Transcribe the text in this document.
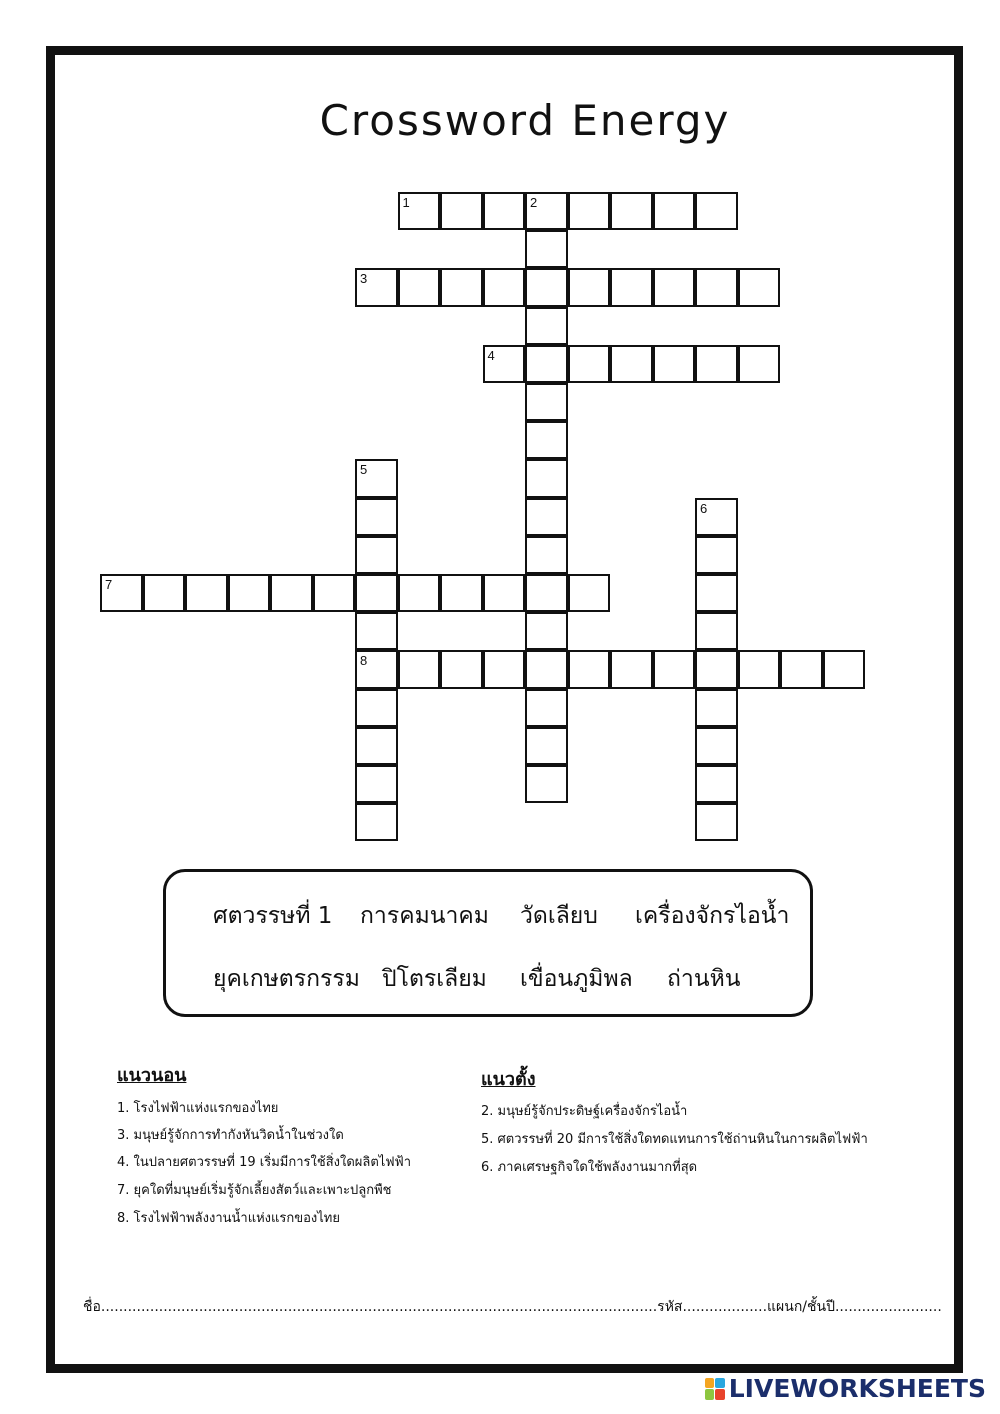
Crossword Energy
1	2
3
4
5
8
6
7
ศตวรรษที่ 1 การคมนาคม วัดเลียบ เครื่องจักรไอน้ำ
ยุคเกษตรกรรม ปิโตรเลียม เขื่อนภูมิพล ถ่านหิน
แนวนอน
1. โรงไฟฟ้าแห่งแรกของไทย
3. มนุษย์รู้จักการทำกังหันวิดน้ำในช่วงใด
4. ในปลายศตวรรษที่ 19 เริ่มมีการใช้สิ่งใดผลิตไฟฟ้า
7. ยุคใดที่มนุษย์เริ่มรู้จักเลี้ยงสัตว์และเพาะปลูกพืช
8. โรงไฟฟ้าพลังงานน้ำแห่งแรกของไทย
แนวตั้ง
2. มนุษย์รู้จักประดิษฐ์เครื่องจักรไอน้ำ
5. ศตวรรษที่ 20 มีการใช้สิ่งใดทดแทนการใช้ถ่านหินในการผลิตไฟฟ้า
6. ภาคเศรษฐกิจใดใช้พลังงานมากที่สุด
ชื่อ.............................................................................................................................รหัส...................แผนก/ชั้นปี........................
LIVEWORKSHEETS
